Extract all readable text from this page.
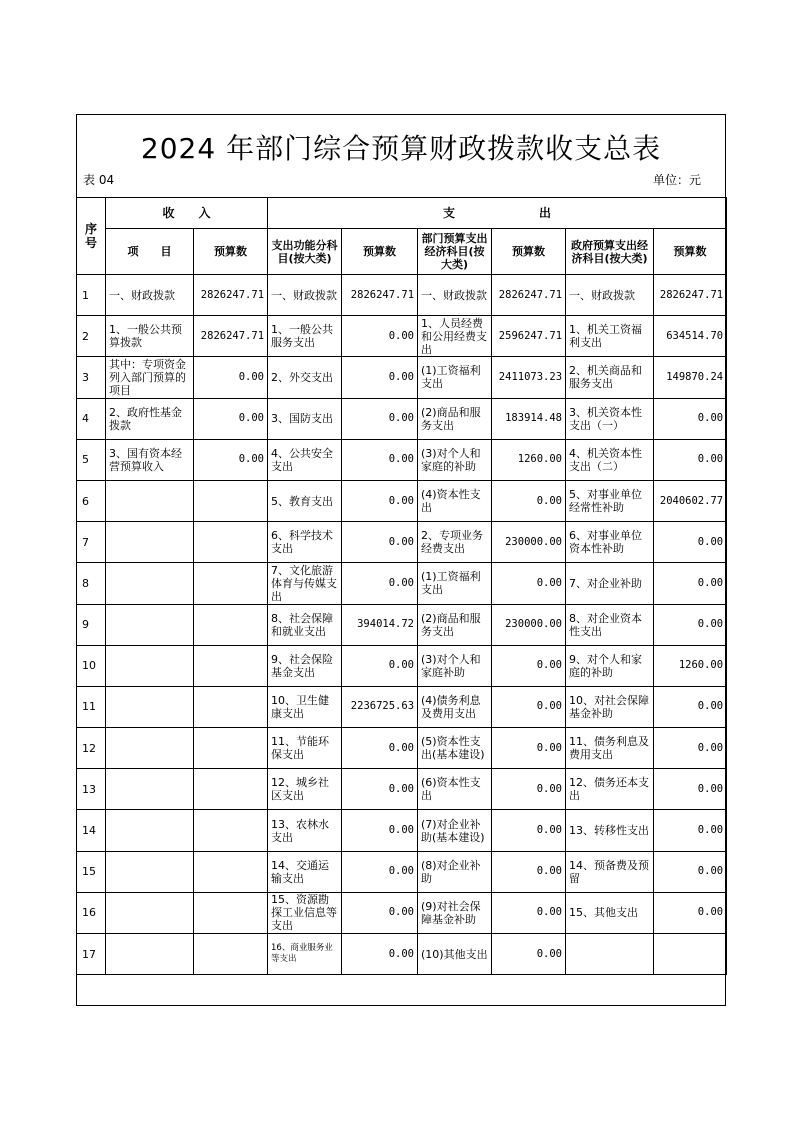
2024 年部门综合预算财政拨款收支总表
表 04	单位：元
序号	收　　入		支　　　　　　　出					
	项　　目	预算数	支出功能分科目(按大类)	预算数	部门预算支出经济科目(按大类)	预算数	政府预算支出经济科目(按大类)	预算数
1	一、财政拨款	2826247.71	一、财政拨款	2826247.71	一、财政拨款	2826247.71	一、财政拨款	2826247.71
2	1、一般公共预算拨款	2826247.71	1、一般公共服务支出	0.00	1、人员经费和公用经费支出	2596247.71	1、机关工资福利支出	634514.70
3	其中：专项资金列入部门预算的项目	0.00	2、外交支出	0.00	(1)工资福利支出	2411073.23	2、机关商品和服务支出	149870.24
4	2、政府性基金拨款	0.00	3、国防支出	0.00	(2)商品和服务支出	183914.48	3、机关资本性支出（一）	0.00
5	3、国有资本经营预算收入	0.00	4、公共安全支出	0.00	(3)对个人和家庭的补助	1260.00	4、机关资本性支出（二）	0.00
6			5、教育支出	0.00	(4)资本性支出	0.00	5、对事业单位经常性补助	2040602.77
7			6、科学技术支出	0.00	2、专项业务经费支出	230000.00	6、对事业单位资本性补助	0.00
8			7、文化旅游体育与传媒支出	0.00	(1)工资福利支出	0.00	7、对企业补助	0.00
9			8、社会保障和就业支出	394014.72	(2)商品和服务支出	230000.00	8、对企业资本性支出	0.00
10			9、社会保险基金支出	0.00	(3)对个人和家庭补助	0.00	9、对个人和家庭的补助	1260.00
11			10、卫生健康支出	2236725.63	(4)债务利息及费用支出	0.00	10、对社会保障基金补助	0.00
12			11、节能环保支出	0.00	(5)资本性支出(基本建设)	0.00	11、债务利息及费用支出	0.00
13			12、城乡社区支出	0.00	(6)资本性支出	0.00	12、债务还本支出	0.00
14			13、农林水支出	0.00	(7)对企业补助(基本建设)	0.00	13、转移性支出	0.00
15			14、交通运输支出	0.00	(8)对企业补助	0.00	14、预备费及预留	0.00
16			15、资源勘探工业信息等支出	0.00	(9)对社会保障基金补助	0.00	15、其他支出	0.00
17			16、商业服务业等支出	0.00	(10)其他支出	0.00		
